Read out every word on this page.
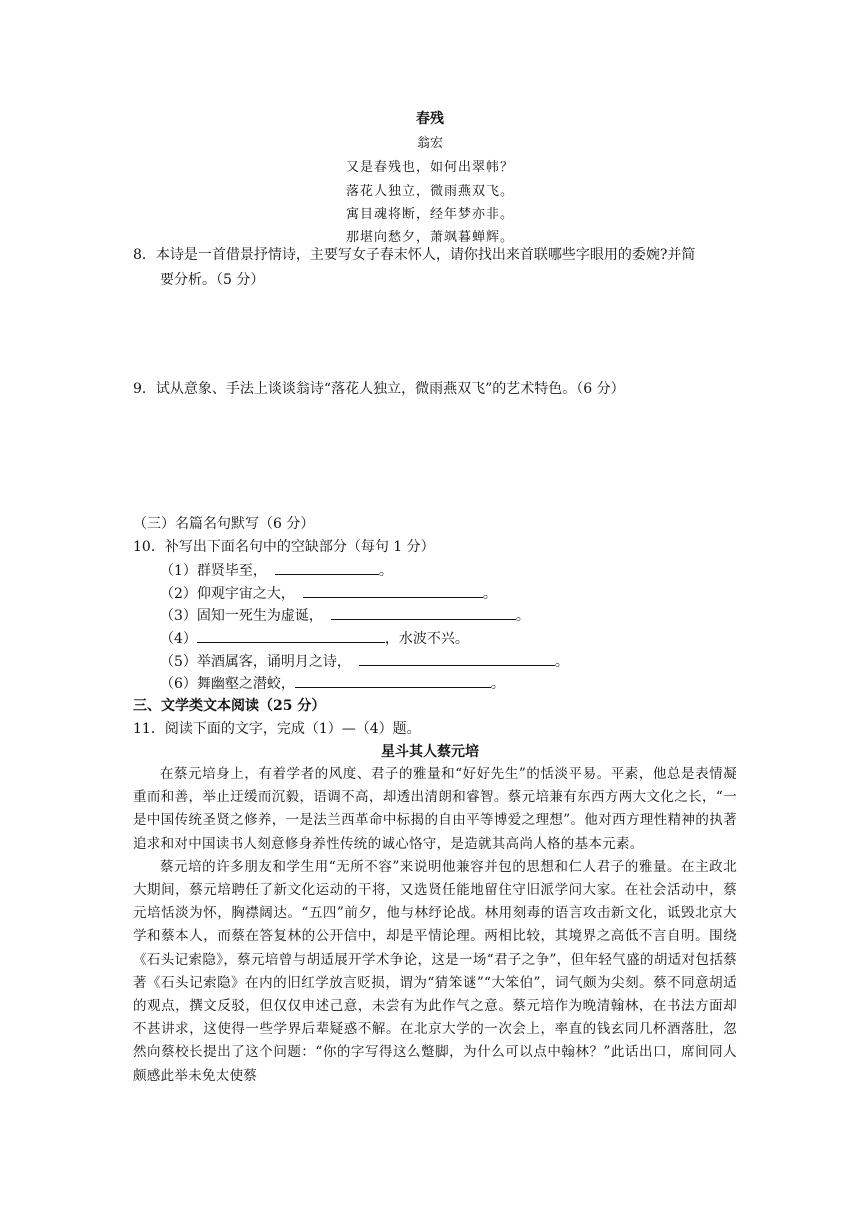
春残
翁宏
又是春残也，如何出翠帏？
落花人独立，微雨燕双飞。
寓目魂将断，经年梦亦非。
那堪向愁夕，萧飒暮蝉辉。
8．本诗是一首借景抒情诗，主要写女子春末怀人，请你找出来首联哪些字眼用的委婉?并简
要分析。（5 分）
9．试从意象、手法上谈谈翁诗“落花人独立，微雨燕双飞”的艺术特色。（6 分）
（三）名篇名句默写（6 分）
10．补写出下面名句中的空缺部分（每句 1 分）
（1）群贤毕至，	。
（2）仰观宇宙之大，	。
（3）固知一死生为虚诞，	。
（4）	，水波不兴。
（5）举酒属客，诵明月之诗，	。
（6）舞幽壑之潜蛟，	。
三、文学类文本阅读（25 分）
11．阅读下面的文字，完成（1）—（4）题。
星斗其人蔡元培

在蔡元培身上，有着学者的风度、君子的雅量和“好好先生”的恬淡平易。平素，他总是表情凝重而和善，举止迂缓而沉毅，语调不高，却透出清朗和睿智。蔡元培兼有东西方两大文化之长，“一是中国传统圣贤之修养，一是法兰西革命中标揭的自由平等博爱之理想”。他对西方理性精神的执著追求和对中国读书人刻意修身养性传统的诚心恪守，是造就其高尚人格的基本元素。

蔡元培的许多朋友和学生用“无所不容”来说明他兼容并包的思想和仁人君子的雅量。在主政北大期间，蔡元培聘任了新文化运动的干将，又选贤任能地留住守旧派学问大家。在社会活动中，蔡元培恬淡为怀，胸襟阔达。“五四”前夕，他与林纾论战。林用刻毒的语言攻击新文化，诋毁北京大学和蔡本人，而蔡在答复林的公开信中，却是平情论理。两相比较，其境界之高低不言自明。围绕《石头记索隐》，蔡元培曾与胡适展开学术争论，这是一场“君子之争”，但年轻气盛的胡适对包括蔡著《石头记索隐》在内的旧红学放言贬损，谓为“猜笨谜”“大笨伯”，词气颇为尖刻。蔡不同意胡适的观点，撰文反驳，但仅仅申述己意，未尝有为此作气之意。蔡元培作为晚清翰林，在书法方面却不甚讲求，这使得一些学界后辈疑惑不解。在北京大学的一次会上，率直的钱玄同几杯酒落肚，忽然向蔡校长提出了这个问题：“你的字写得这么蹩脚，为什么可以点中翰林？”此话出口，席间同人颇感此举未免太使蔡
